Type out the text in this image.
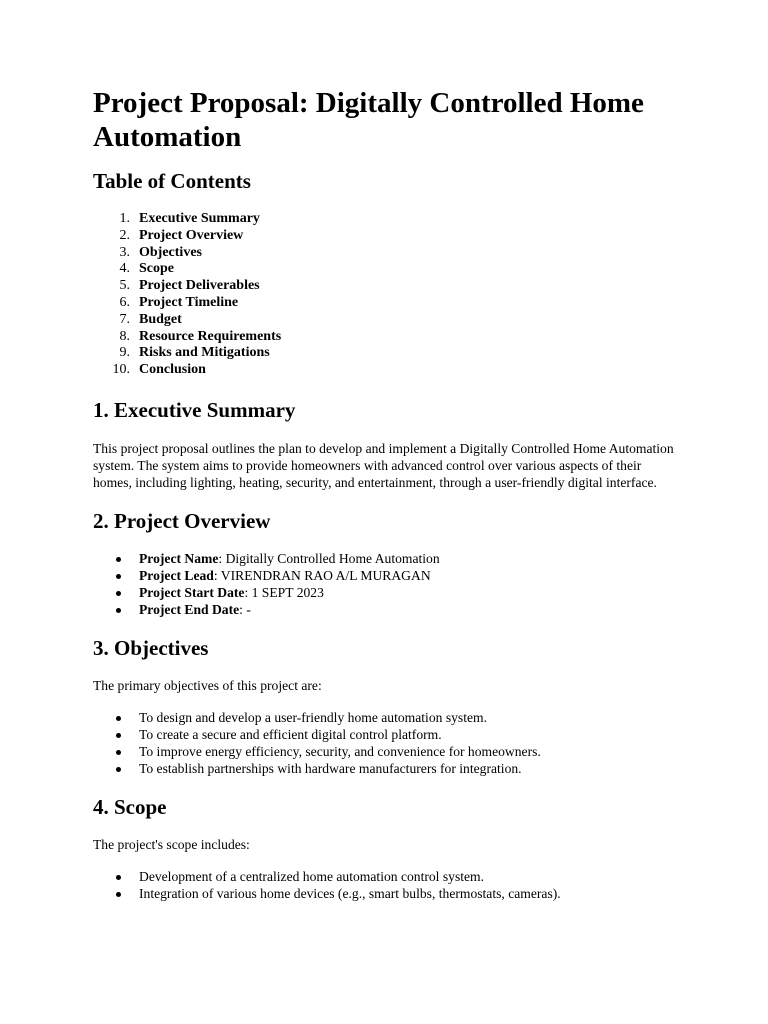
Project Proposal: Digitally Controlled Home Automation
Table of Contents
1. Executive Summary
2. Project Overview
3. Objectives
4. Scope
5. Project Deliverables
6. Project Timeline
7. Budget
8. Resource Requirements
9. Risks and Mitigations
10. Conclusion
1. Executive Summary

This project proposal outlines the plan to develop and implement a Digitally Controlled Home Automation system. The system aims to provide homeowners with advanced control over various aspects of their homes, including lighting, heating, security, and entertainment, through a user-friendly digital interface.

2. Project Overview
Project Name: Digitally Controlled Home Automation
Project Lead: VIRENDRAN RAO A/L MURAGAN
Project Start Date: 1 SEPT 2023
Project End Date: -
3. Objectives

The primary objectives of this project are:

To design and develop a user-friendly home automation system.
To create a secure and efficient digital control platform.
To improve energy efficiency, security, and convenience for homeowners.
To establish partnerships with hardware manufacturers for integration.
4. Scope

The project's scope includes:

Development of a centralized home automation control system.
Integration of various home devices (e.g., smart bulbs, thermostats, cameras).
